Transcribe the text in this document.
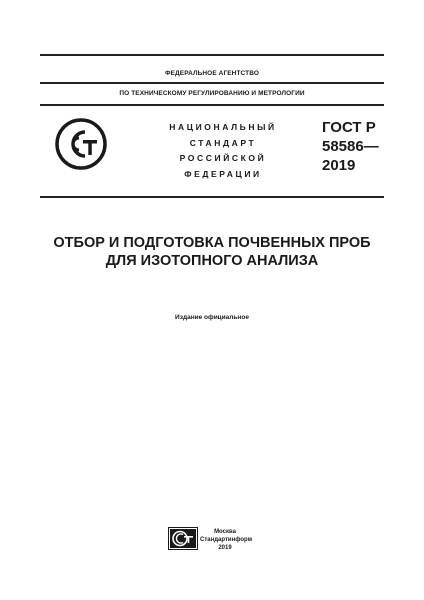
ФЕДЕРАЛЬНОЕ АГЕНТСТВО
ПО ТЕХНИЧЕСКОМУ РЕГУЛИРОВАНИЮ И МЕТРОЛОГИИ
НАЦИОНАЛЬНЫЙ
СТАНДАРТ
РОССИЙСКОЙ
ФЕДЕРАЦИИ
ГОСТ Р
58586—
2019
ОТБОР И ПОДГОТОВКА ПОЧВЕННЫХ ПРОБ
ДЛЯ ИЗОТОПНОГО АНАЛИЗА
Издание официальное
Москва
Стандартинформ
2019
